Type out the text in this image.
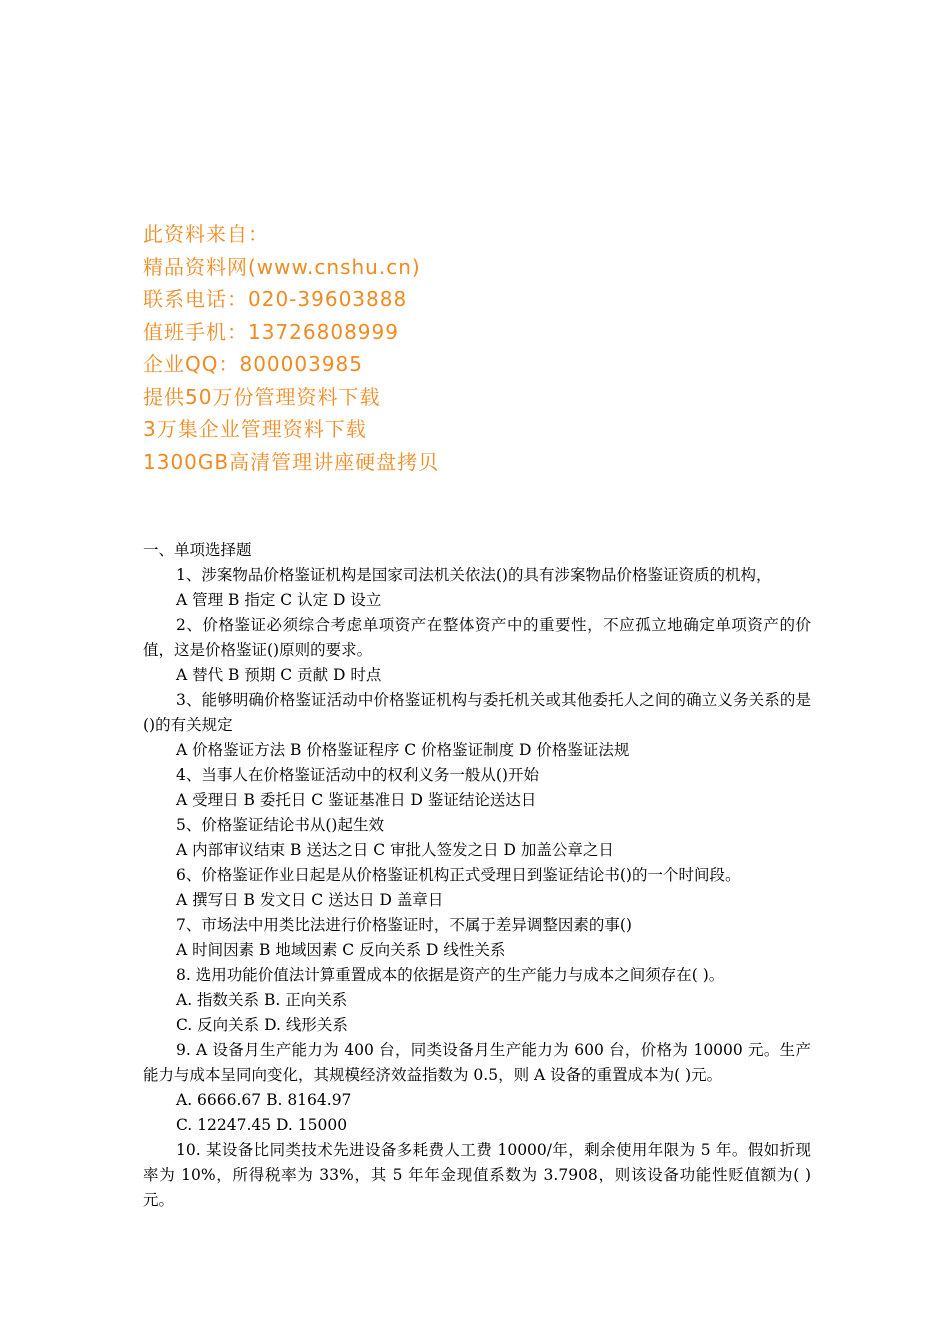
此资料来自：
精品资料网(www.cnshu.cn)
联系电话：020-39603888
值班手机：13726808999
企业QQ：800003985
提供50万份管理资料下载
3万集企业管理资料下载
1300GB高清管理讲座硬盘拷贝
一、单项选择题

1、涉案物品价格鉴证机构是国家司法机关依法()的具有涉案物品价格鉴证资质的机构，

A 管理 B 指定 C 认定 D 设立

2、价格鉴证必须综合考虑单项资产在整体资产中的重要性，不应孤立地确定单项资产的价值，这是价格鉴证()原则的要求。

A 替代 B 预期 C 贡献 D 时点

3、能够明确价格鉴证活动中价格鉴证机构与委托机关或其他委托人之间的确立义务关系的是()的有关规定

A 价格鉴证方法 B 价格鉴证程序 C 价格鉴证制度 D 价格鉴证法规

4、当事人在价格鉴证活动中的权利义务一般从()开始

A 受理日 B 委托日 C 鉴证基准日 D 鉴证结论送达日

5、价格鉴证结论书从()起生效

A 内部审议结束 B 送达之日 C 审批人签发之日 D 加盖公章之日

6、价格鉴证作业日起是从价格鉴证机构正式受理日到鉴证结论书()的一个时间段。

A 撰写日 B 发文日 C 送达日 D 盖章日

7、市场法中用类比法进行价格鉴证时，不属于差异调整因素的事()

A 时间因素 B 地域因素 C 反向关系 D 线性关系

8. 选用功能价值法计算重置成本的依据是资产的生产能力与成本之间须存在( )。

A. 指数关系 B. 正向关系

C. 反向关系 D. 线形关系

9. A 设备月生产能力为 400 台，同类设备月生产能力为 600 台，价格为 10000 元。生产能力与成本呈同向变化，其规模经济效益指数为 0.5，则 A 设备的重置成本为( )元。

A. 6666.67 B. 8164.97

C. 12247.45 D. 15000

10. 某设备比同类技术先进设备多耗费人工费 10000/年，剩余使用年限为 5 年。假如折现率为 10%，所得税率为 33%，其 5 年年金现值系数为 3.7908，则该设备功能性贬值额为( )元。
